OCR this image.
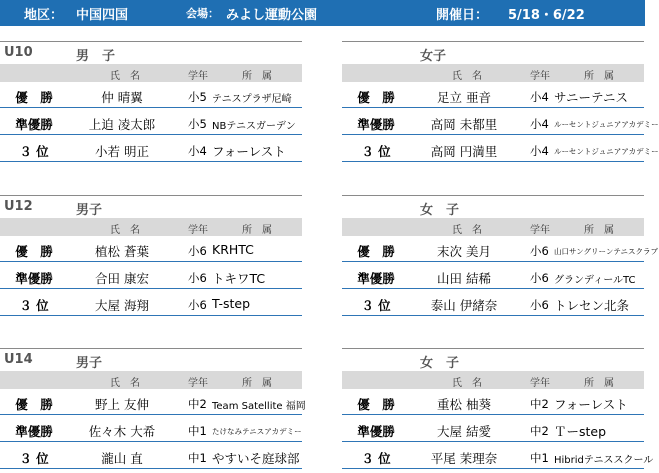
地区： 中国四国	会場： みよし運動公園	開催日： 5/18・6/22
U10	男　子
氏　名	学年	所　属
優　勝	仲 晴翼	小5 テニスプラザ尼崎
準優勝	上迫 凌太郎	小5 NBテニスガーデン
３ 位	小若 明正	小4 フォーレスト
女子
氏　名	学年	所　属
優　勝	足立 亜音	小4 サニーテニス
準優勝	高岡 未都里	小4 ルーセントジュニアアカデミー
３ 位	高岡 円満里	小4 ルーセントジュニアアカデミー
U12	男子
氏　名	学年	所　属
優　勝	植松 蒼葉	小6 KRHTC
準優勝	合田 康宏	小6 トキワTC
３ 位	大屋 海翔	小6 T-step
女　子
氏　名	学年	所　属
優　勝	末次 美月	小6 山口サングリーンテニスクラブ
準優勝	山田 結稀	小6 グランディールTC
３ 位	泰山 伊緒奈	小6 トレセン北条
U14	男子
氏　名	学年	所　属
優　勝	野上 友伸	中2 Team Satellite 福岡
準優勝	佐々木 大希	中1 たけなみテニスアカデミー
３ 位	瀧山 直	中1 やすいそ庭球部
女　子
氏　名	学年	所　属
優　勝	重松 柚葵	中2 フォーレスト
準優勝	大屋 結愛	中2 Ｔーstep
３ 位	平尾 茉理奈	中1 Hibridテニススクール
